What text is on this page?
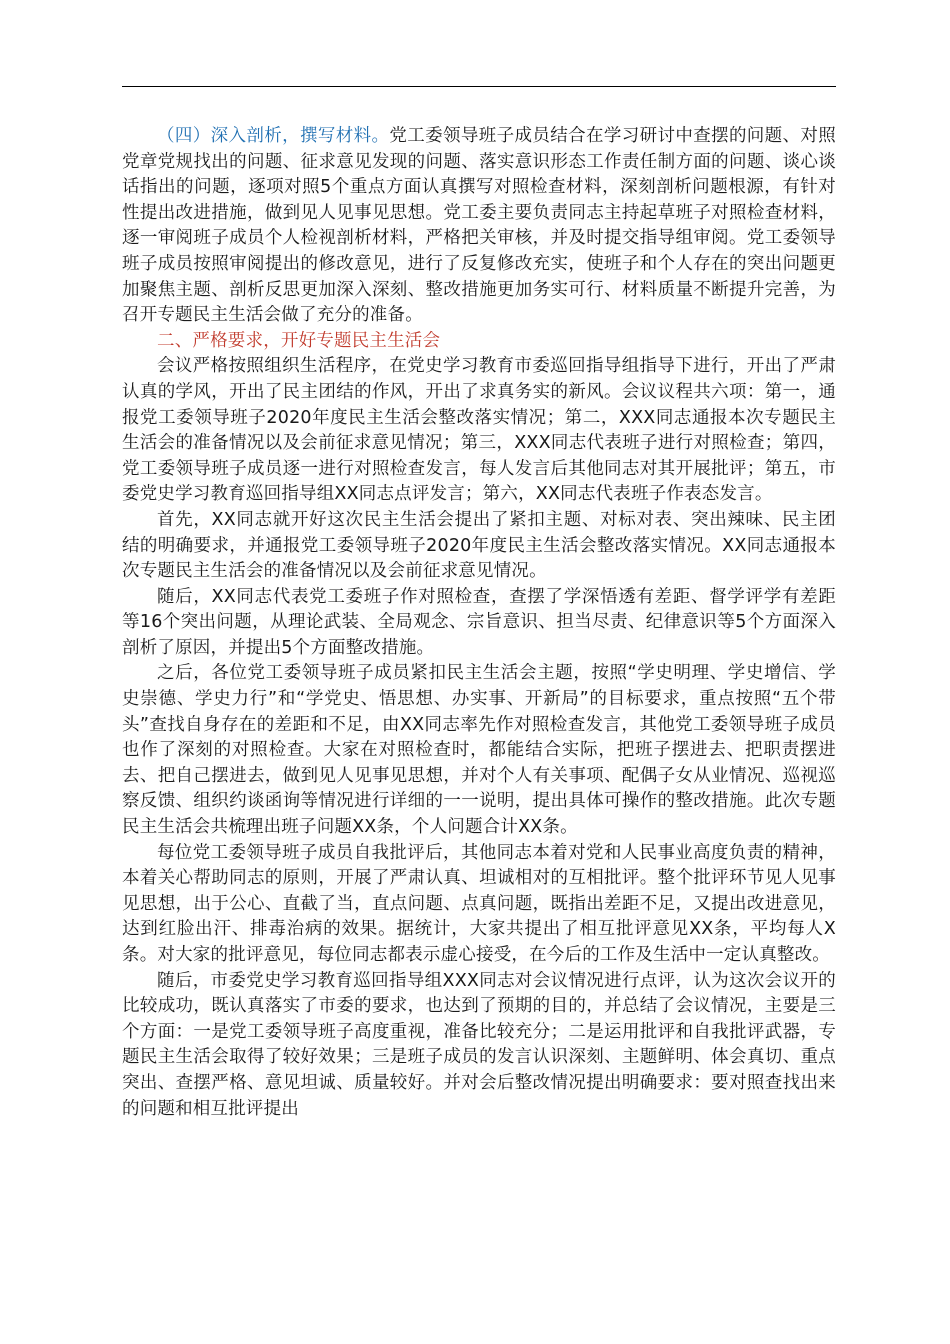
（四）深入剖析，撰写材料。党工委领导班子成员结合在学习研讨中查摆的问题、对照党章党规找出的问题、征求意见发现的问题、落实意识形态工作责任制方面的问题、谈心谈话指出的问题，逐项对照5个重点方面认真撰写对照检查材料，深刻剖析问题根源，有针对性提出改进措施，做到见人见事见思想。党工委主要负责同志主持起草班子对照检查材料，逐一审阅班子成员个人检视剖析材料，严格把关审核，并及时提交指导组审阅。党工委领导班子成员按照审阅提出的修改意见，进行了反复修改充实，使班子和个人存在的突出问题更加聚焦主题、剖析反思更加深入深刻、整改措施更加务实可行、材料质量不断提升完善，为召开专题民主生活会做了充分的准备。

二、严格要求，开好专题民主生活会

会议严格按照组织生活程序，在党史学习教育市委巡回指导组指导下进行，开出了严肃认真的学风，开出了民主团结的作风，开出了求真务实的新风。会议议程共六项：第一，通报党工委领导班子2020年度民主生活会整改落实情况；第二，XXX同志通报本次专题民主生活会的准备情况以及会前征求意见情况；第三，XXX同志代表班子进行对照检查；第四，党工委领导班子成员逐一进行对照检查发言，每人发言后其他同志对其开展批评；第五，市委党史学习教育巡回指导组XX同志点评发言；第六，XX同志代表班子作表态发言。

首先，XX同志就开好这次民主生活会提出了紧扣主题、对标对表、突出辣味、民主团结的明确要求，并通报党工委领导班子2020年度民主生活会整改落实情况。XX同志通报本次专题民主生活会的准备情况以及会前征求意见情况。

随后，XX同志代表党工委班子作对照检查，查摆了学深悟透有差距、督学评学有差距等16个突出问题，从理论武装、全局观念、宗旨意识、担当尽责、纪律意识等5个方面深入剖析了原因，并提出5个方面整改措施。

之后，各位党工委领导班子成员紧扣民主生活会主题，按照“学史明理、学史增信、学史崇德、学史力行”和“学党史、悟思想、办实事、开新局”的目标要求，重点按照“五个带头”查找自身存在的差距和不足，由XX同志率先作对照检查发言，其他党工委领导班子成员也作了深刻的对照检查。大家在对照检查时，都能结合实际，把班子摆进去、把职责摆进去、把自己摆进去，做到见人见事见思想，并对个人有关事项、配偶子女从业情况、巡视巡察反馈、组织约谈函询等情况进行详细的一一说明，提出具体可操作的整改措施。此次专题民主生活会共梳理出班子问题XX条，个人问题合计XX条。

每位党工委领导班子成员自我批评后，其他同志本着对党和人民事业高度负责的精神，本着关心帮助同志的原则，开展了严肃认真、坦诚相对的互相批评。整个批评环节见人见事见思想，出于公心、直截了当，直点问题、点真问题，既指出差距不足，又提出改进意见，达到红脸出汗、排毒治病的效果。据统计，大家共提出了相互批评意见XX条，平均每人X条。对大家的批评意见，每位同志都表示虚心接受，在今后的工作及生活中一定认真整改。

随后，市委党史学习教育巡回指导组XXX同志对会议情况进行点评，认为这次会议开的比较成功，既认真落实了市委的要求，也达到了预期的目的，并总结了会议情况，主要是三个方面：一是党工委领导班子高度重视，准备比较充分；二是运用批评和自我批评武器，专题民主生活会取得了较好效果；三是班子成员的发言认识深刻、主题鲜明、体会真切、重点突出、查摆严格、意见坦诚、质量较好。并对会后整改情况提出明确要求：要对照查找出来的问题和相互批评提出
